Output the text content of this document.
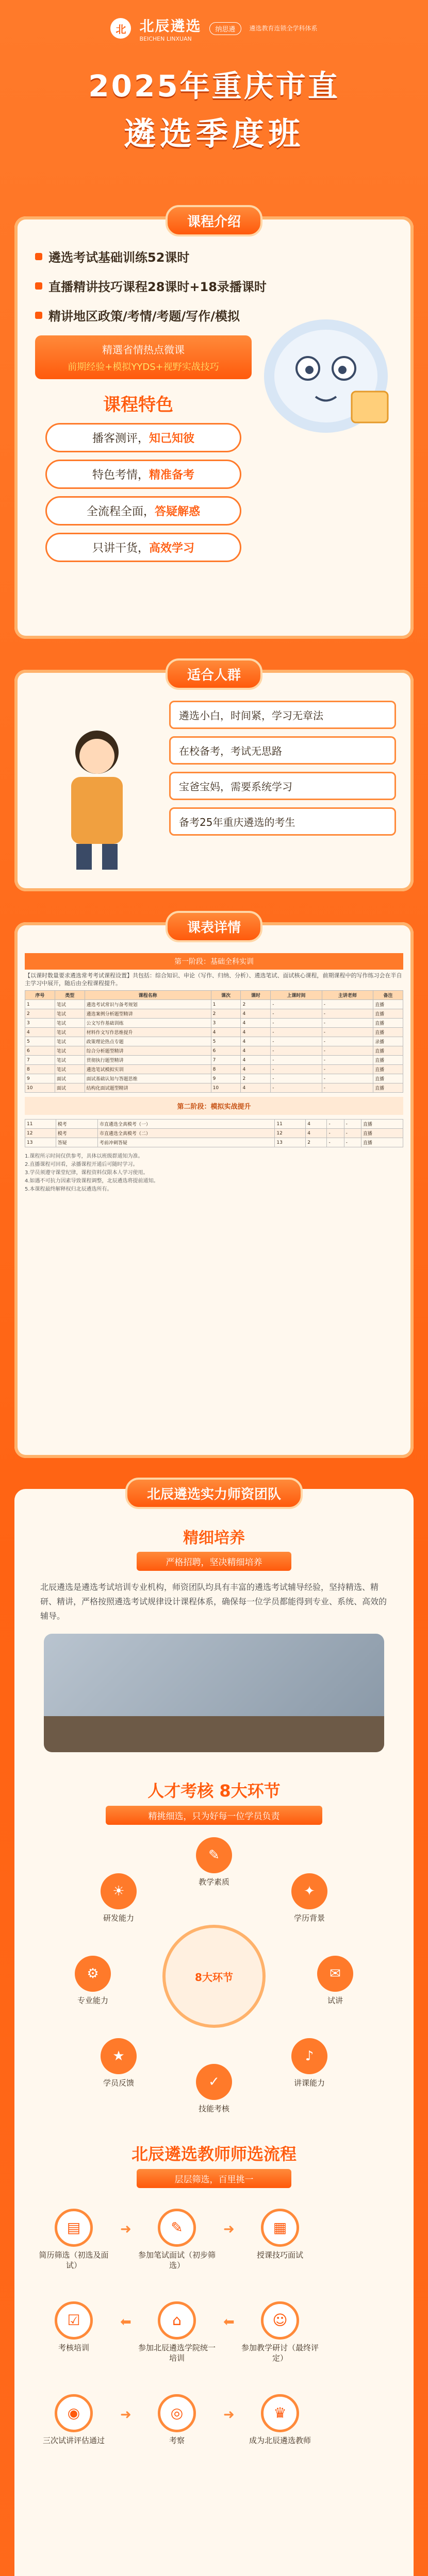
北 北辰遴选
BEICHEN LINXUAN
纳思遴	遴选教育连锁全学科体系
2025年重庆市直
遴选季度班
课程介绍
遴选考试基础训练52课时
直播精讲技巧课程28课时+18录播课时
精讲地区政策/考情/考题/写作/模拟
精選省情热点微课
前期经验+模拟YYDS+视野实战技巧
课程特色
播客测评，知己知彼
特色考情，精准备考
全流程全面，答疑解惑
只讲干货，高效学习
适合人群
遴选小白，时间紧，学习无章法
在校备考，考试无思路
宝爸宝妈，需要系统学习
备考25年重庆遴选的考生
课表详情
第一阶段：基础全科实训
【以课时数量要求遴选常考考试课程设置】共包括：综合知识、申论（写作、归纳、分析）、遴选笔试、面试核心课程，前期课程中的写作练习会在半自主学习中展开，随后由全程课程提升。
序号	类型	课程名称	课次	课时	上课时间	主讲老师	备注
1	笔试	遴选考试常识与备考规划	1	2	-	-	直播
2	笔试	遴选案例分析题型精讲	2	4	-	-	直播
3	笔试	公文写作基础训练	3	4	-	-	直播
4	笔试	材料作文写作思维提升	4	4	-	-	直播
5	笔试	政策理论热点专题	5	4	-	-	录播
6	笔试	综合分析题型精讲	6	4	-	-	直播
7	笔试	贯彻执行题型精讲	7	4	-	-	直播
8	笔试	遴选笔试模拟实训	8	4	-	-	直播
9	面试	面试基础认知与答题思维	9	2	-	-	直播
10	面试	结构化面试题型精讲	10	4	-	-	直播
第二阶段：模拟实战提升
11	模考	市直遴选全真模考（一）	11	4	-	-	直播
12	模考	市直遴选全真模考（二）	12	4	-	-	直播
13	答疑	考前冲刺答疑	13	2	-	-	直播
1.课程所示时间仅供参考，具体以班级群通知为准。
2.直播课程可回看，录播课程开通后可随时学习。
3.学员须遵守课堂纪律，课程资料仅限本人学习使用。
4.如遇不可抗力因素导致课程调整，北辰遴选将提前通知。
5.本课程最终解释权归北辰遴选所有。
北辰遴选实力师资团队
精细培养
严格招聘，坚决精细培养
北辰遴选是遴选考试培训专业机构，师资团队均具有丰富的遴选考试辅导经验，坚持精选、精研、精讲，严格按照遴选考试规律设计课程体系，确保每一位学员都能得到专业、系统、高效的辅导。
人才考核 8大环节
精挑细选，只为好每一位学员负责
8大环节
✎
教学素质
✦
学历背景
✉
试讲
♪
讲课能力
✓
技能考核
★
学员反馈
⚙
专业能力
☀
研发能力
北辰遴选教师师选流程
层层筛选，百里挑一
▤
简历筛选（初选及面试）
➜	✎
参加笔试面试（初步筛选）
➜	▦
授课技巧面试
☑
考核培训
⬅	⌂
参加北辰遴选学院统一培训
⬅	☺
参加教学研讨（最终评定）
◉
三次试讲评估通过
➜	◎
考察
➜	♛
成为北辰遴选教师
